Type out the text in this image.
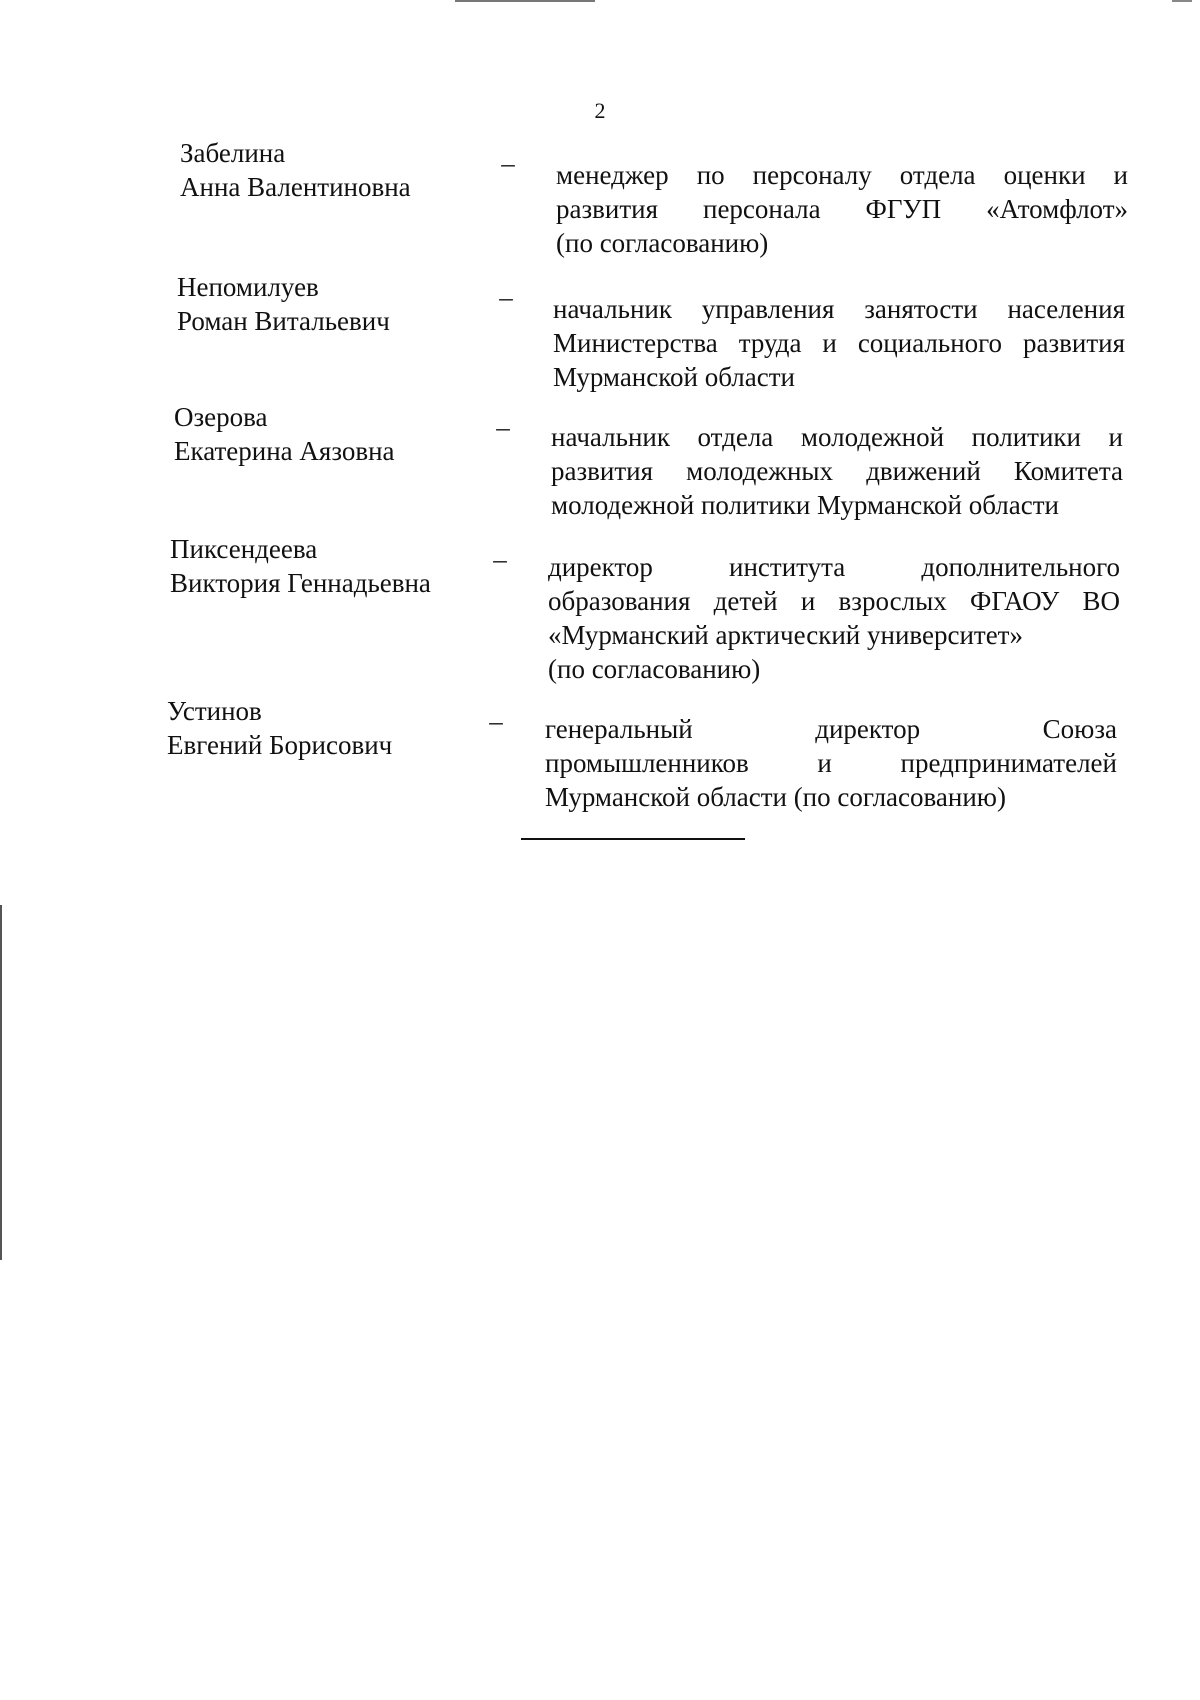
2
Забелина
Анна Валентиновна
– менеджер по персоналу отдела оценки и
развития персонала ФГУП «Атомфлот»
(по согласованию)
Непомилуев
Роман Витальевич
– начальник управления занятости населения
Министерства труда и социального развития
Мурманской области
Озерова
Екатерина Аязовна
– начальник отдела молодежной политики и
развития молодежных движений Комитета
молодежной политики Мурманской области
Пиксендеева
Виктория Геннадьевна
– директор института дополнительного
образования детей и взрослых ФГАОУ ВО
«Мурманский арктический университет»
(по согласованию)
Устинов
Евгений Борисович
– генеральный директор Союза
промышленников и предпринимателей
Мурманской области (по согласованию)
